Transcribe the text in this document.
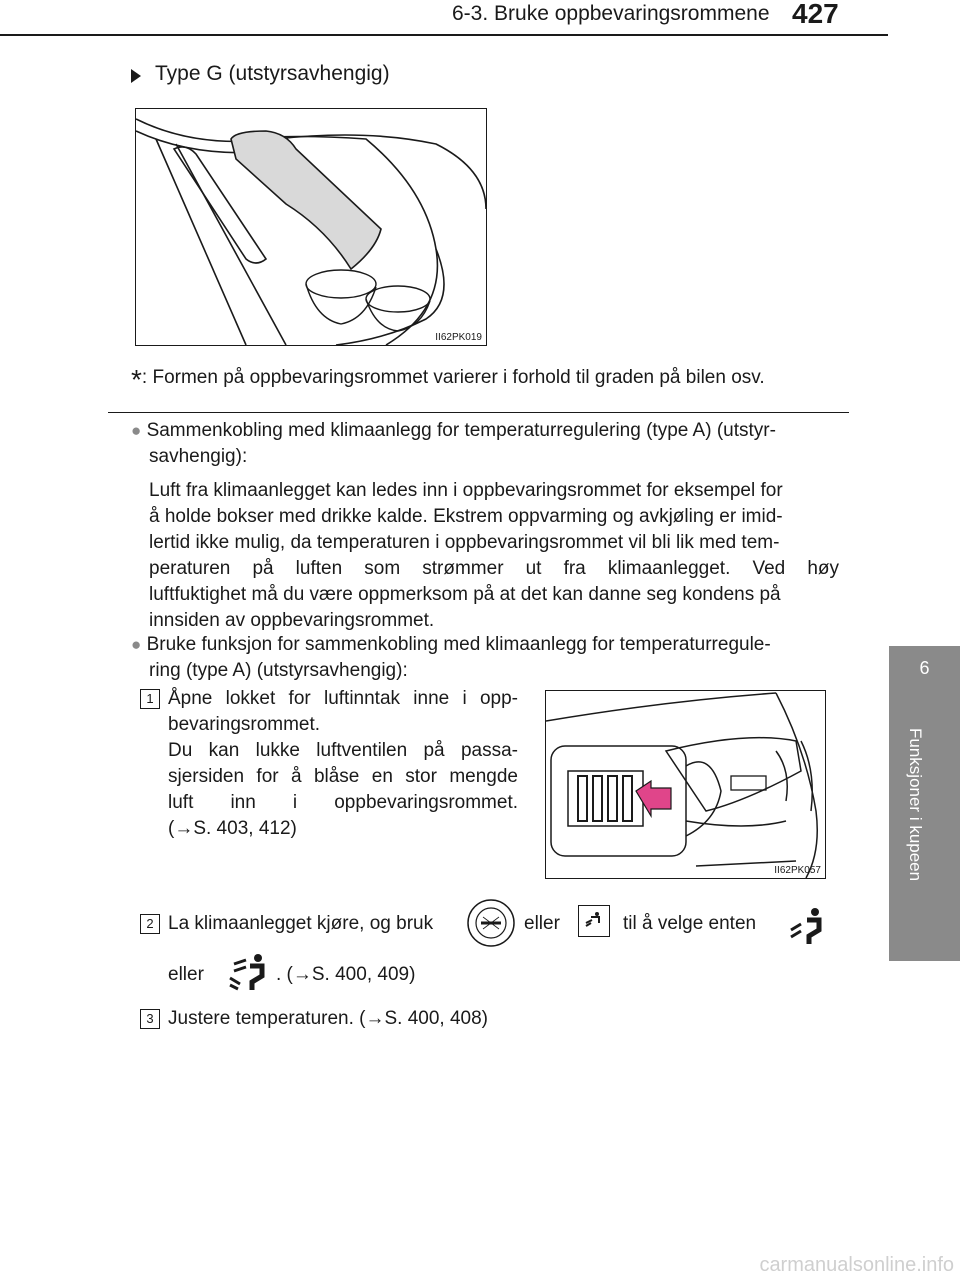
6-3. Bruke oppbevaringsrommene 427
6
Funksjoner i kupeen
Type G (utstyrsavhengig)
II62PK019
*: Formen på oppbevaringsrommet varierer i forhold til graden på bilen osv.
● Sammenkobling med klimaanlegg for temperaturregulering (type A) (utstyr-
savhengig):
Luft fra klimaanlegget kan ledes inn i oppbevaringsrommet for eksempel for
å holde bokser med drikke kalde. Ekstrem oppvarming og avkjøling er imid-
lertid ikke mulig, da temperaturen i oppbevaringsrommet vil bli lik med tem-
peraturen på luften som strømmer ut fra klimaanlegget. Ved høy
luftfuktighet må du være oppmerksom på at det kan danne seg kondens på
innsiden av oppbevaringsrommet.
● Bruke funksjon for sammenkobling med klimaanlegg for temperaturregule-
ring (type A) (utstyrsavhengig):
1 Åpne lokket for luftinntak inne i opp-
bevaringsrommet.
Du kan lukke luftventilen på passa-
sjersiden for å blåse en stor mengde
luft inn i oppbevaringsrommet.
(→S. 403, 412)
II62PK057
2 La klimaanlegget kjøre, og bruk	eller	til å velge enten
eller	. (→S. 400, 409)
3 Justere temperaturen. (→S. 400, 408)
carmanualsonline.info
